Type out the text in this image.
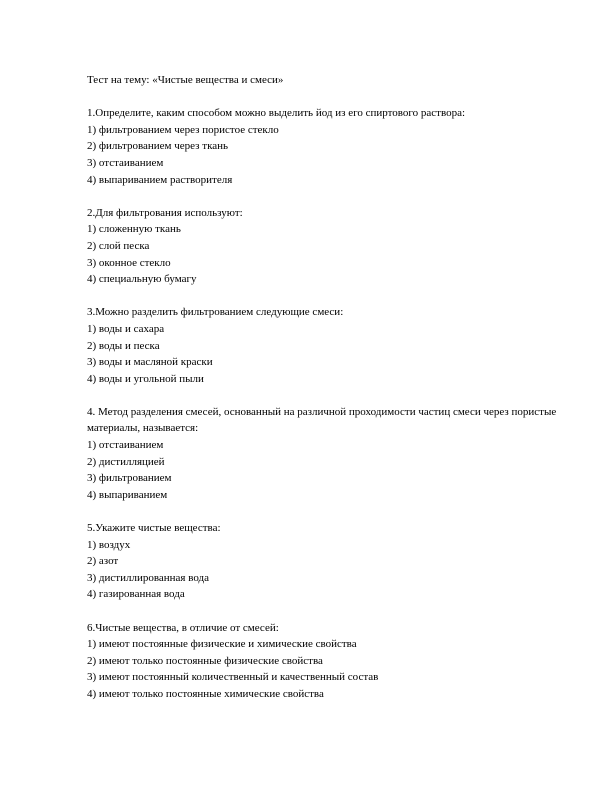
Тест на тему: «Чистые вещества и смеси»

1.Определите, каким способом можно выделить йод из его спиртового раствора:

1) фильтрованием через пористое стекло
2) фильтрованием через ткань
3) отстаиванием
4) выпариванием растворителя

2.Для фильтрования используют:

1) сложенную ткань
2) слой песка
3) оконное стекло
4) специальную бумагу

3.Можно разделить фильтрованием следующие смеси:

1) воды и сахара
2) воды и песка
3) воды и масляной краски
4) воды и угольной пыли

4. Метод разделения смесей, основанный на различной проходимости частиц смеси через пористые материалы, называется:

1) отстаиванием
2) дистилляцией
3) фильтрованием
4) выпариванием

5.Укажите чистые вещества:

1) воздух
2) азот
3) дистиллированная вода
4) газированная вода

6.Чистые вещества, в отличие от смесей:

1) имеют постоянные физические и химические свойства
2) имеют только постоянные физические свойства
3) имеют постоянный количественный и качественный состав
4) имеют только постоянные химические свойства
